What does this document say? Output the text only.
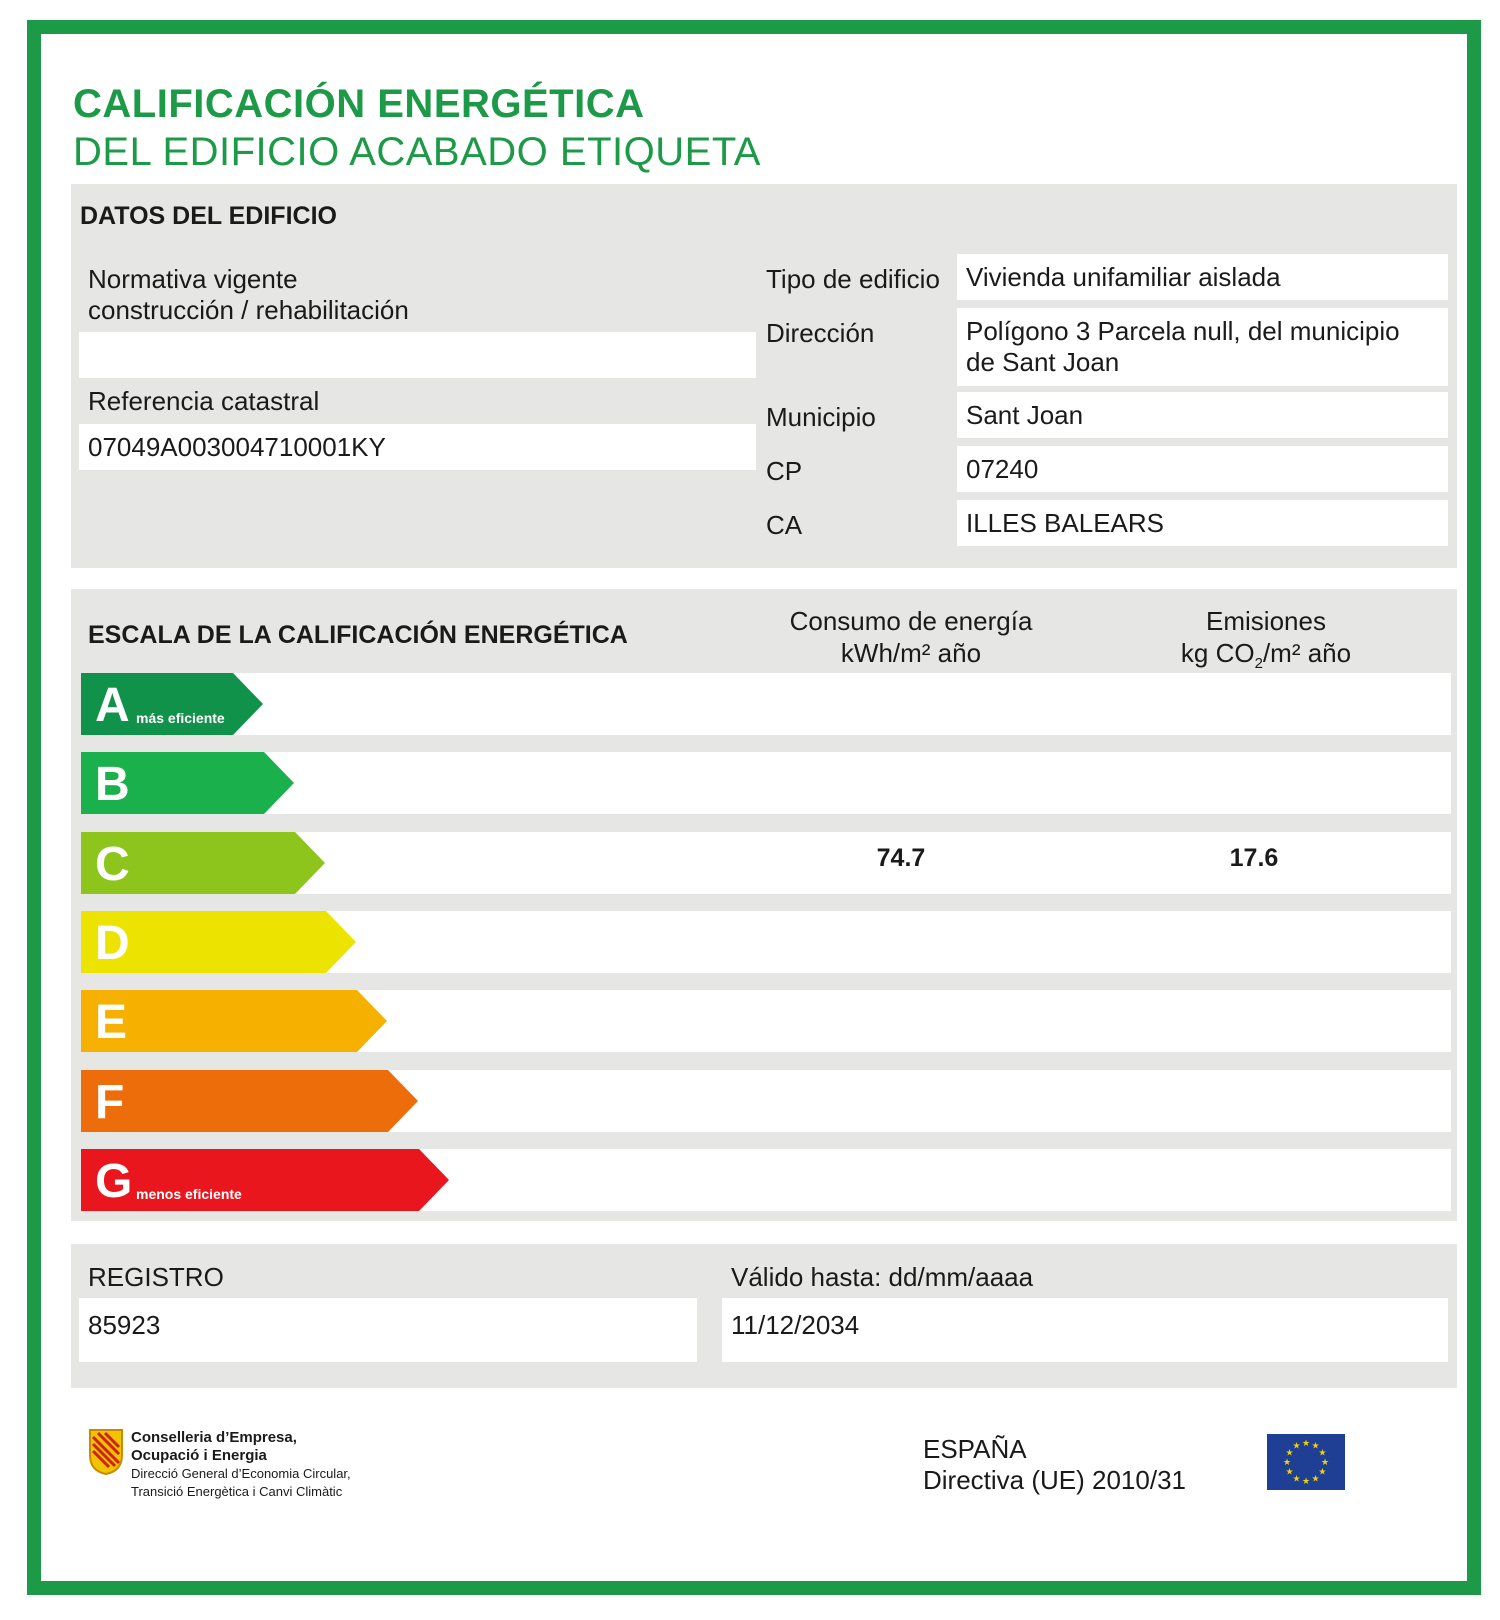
CALIFICACIÓN ENERGÉTICA
DEL EDIFICIO ACABADO ETIQUETA
DATOS DEL EDIFICIO
Normativa vigente
construcción / rehabilitación
Referencia catastral
07049A003004710001KY
Tipo de edificio Vivienda unifamiliar aislada
Dirección	Polígono 3 Parcela null, del municipio
de Sant Joan
Municipio	Sant Joan
CP	07240
CA	ILLES BALEARS
ESCALA DE LA CALIFICACIÓN ENERGÉTICA	Consumo de energía
kWh/m² año
Emisiones
kg $CO_2/m^2$ año
A más eficiente
B
C	74.7	17.6
D
E
F
G menos eficiente
REGISTRO
85923
Válido hasta: dd/mm/aaaa
11/12/2034
Conselleria d’Empresa,
Ocupació i Energia
Direcció General d’Economia Circular,
Transició Energètica i Canvi Climàtic
ESPAÑA
Directiva (UE) 2010/31
★ ★
★
★
★
★
★
★
★
★
★
★
